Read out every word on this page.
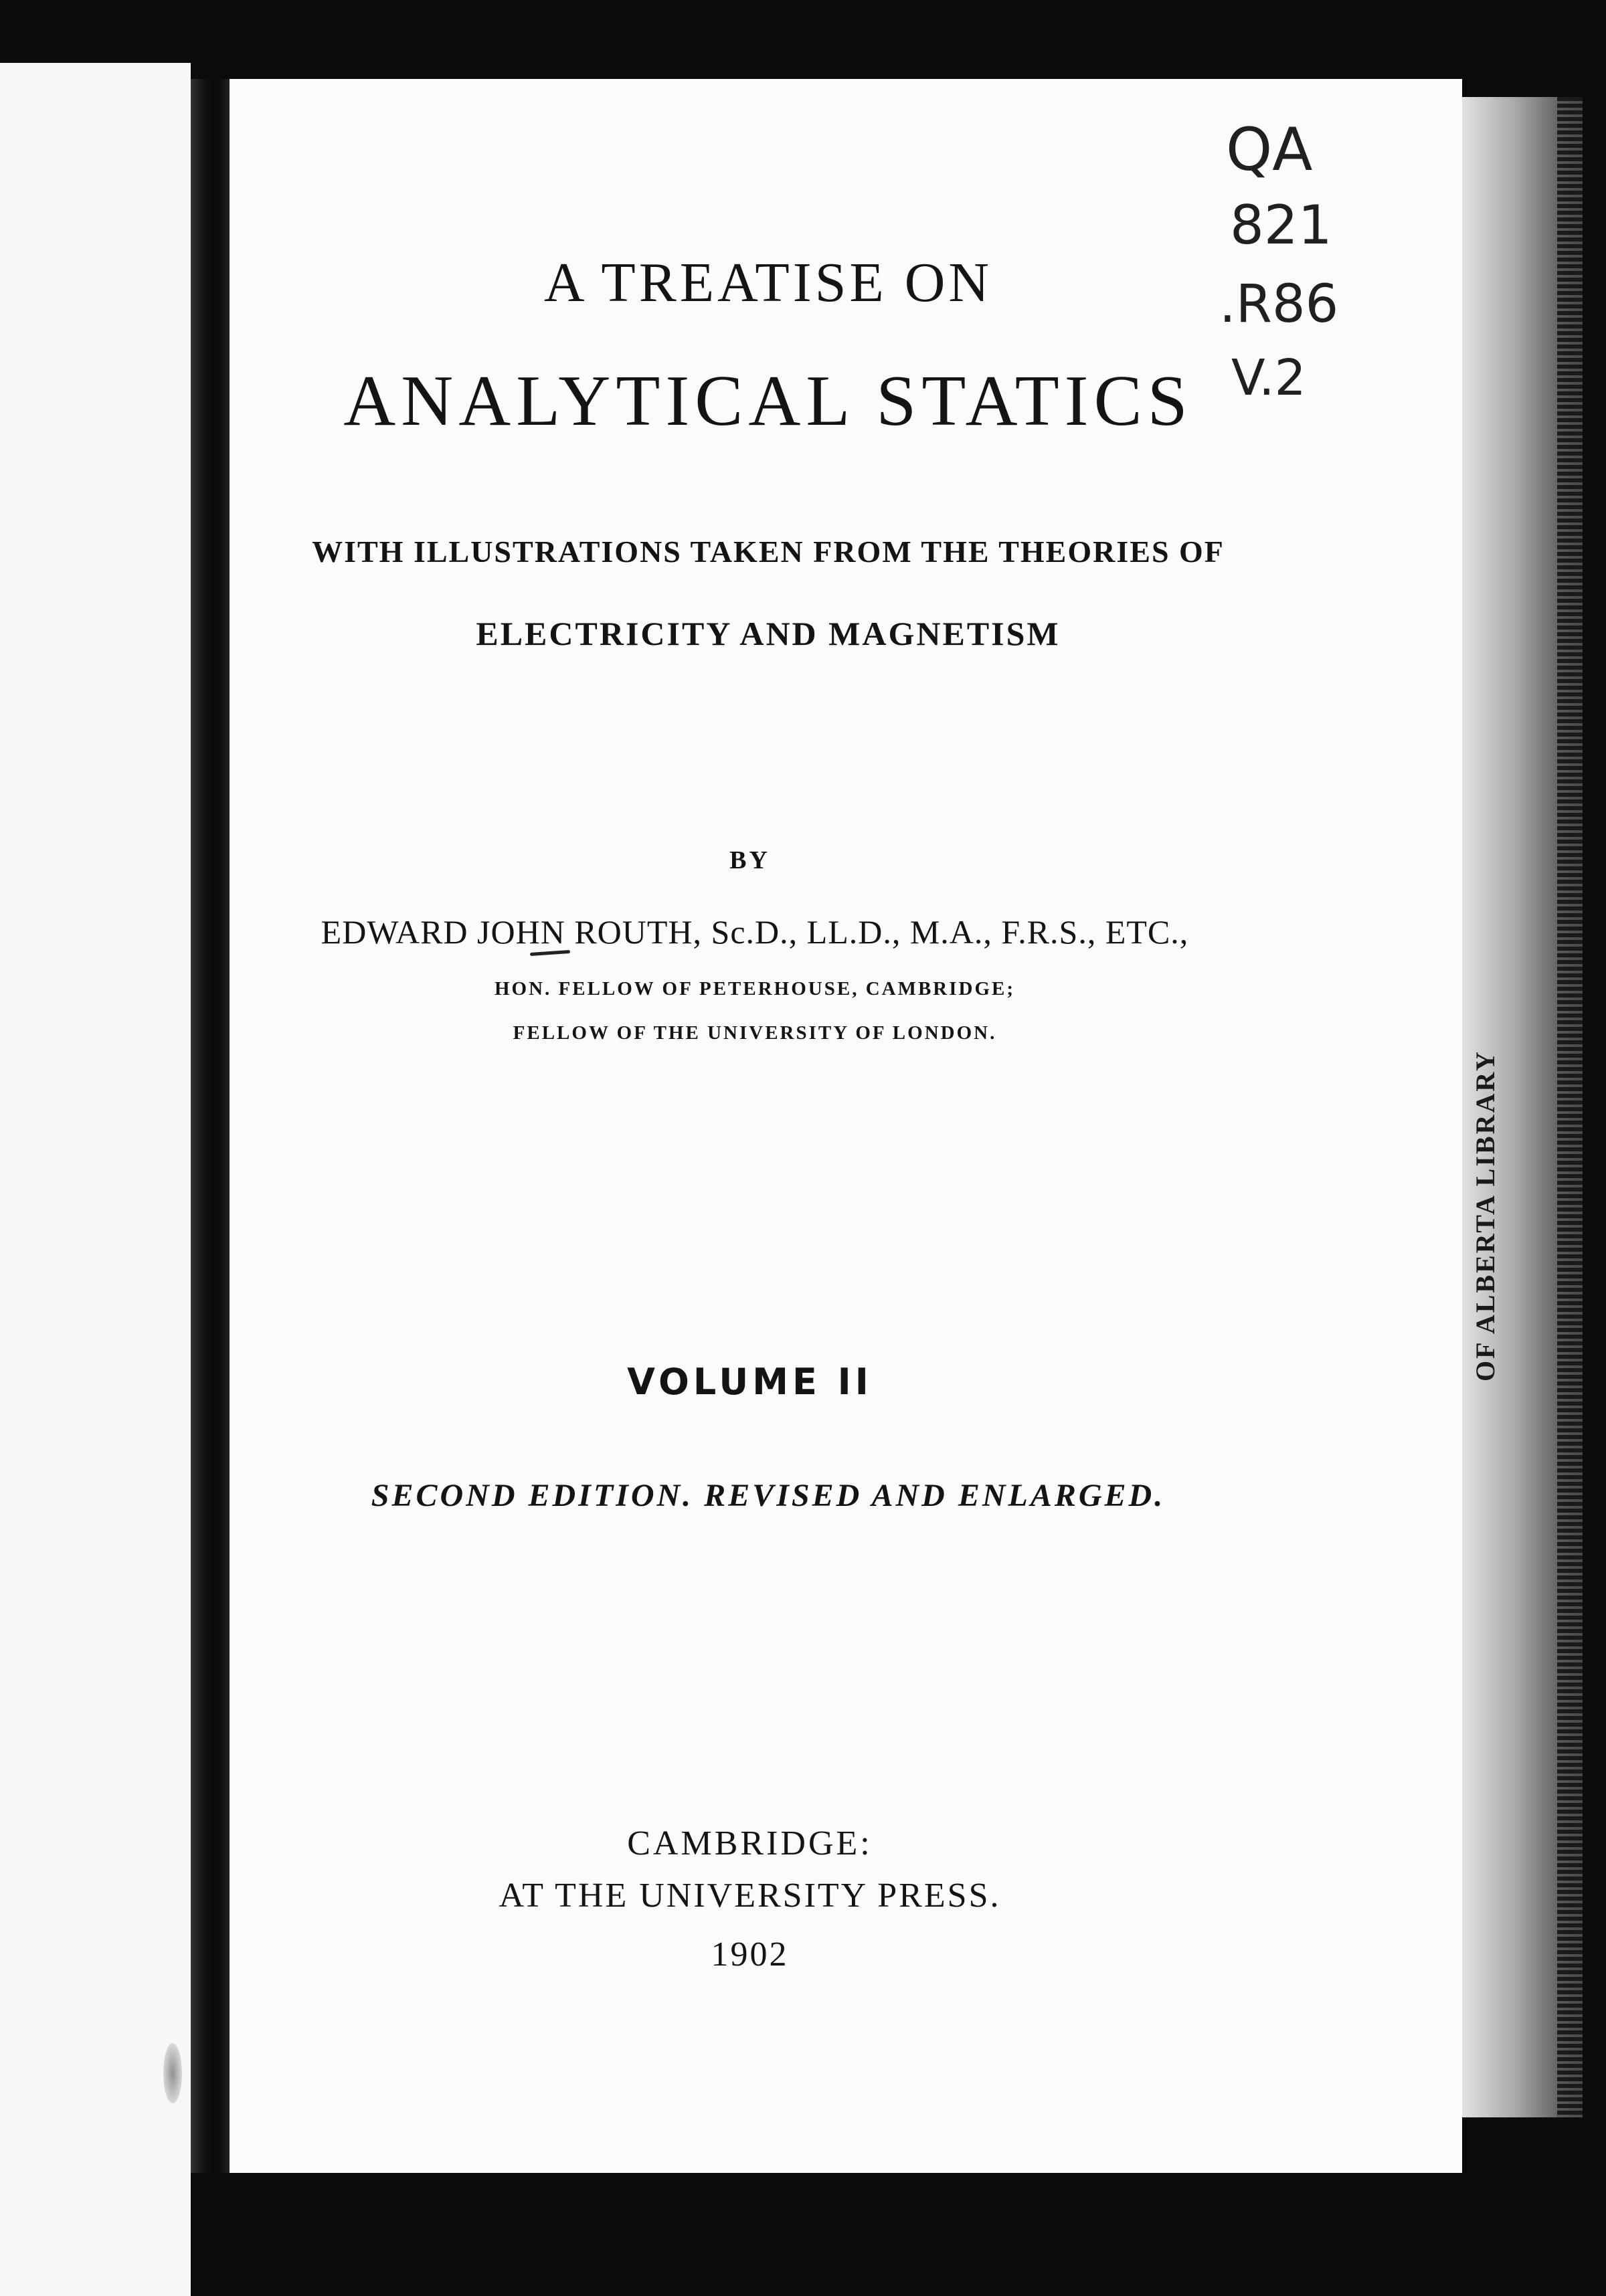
OF ALBERTA LIBRARY
QA
821
.R86
V.2
A TREATISE ON
ANALYTICAL STATICS
WITH ILLUSTRATIONS TAKEN FROM THE THEORIES OF
ELECTRICITY AND MAGNETISM
BY
EDWARD JOHN ROUTH, Sc.D., LL.D., M.A., F.R.S., ETC.,
HON. FELLOW OF PETERHOUSE, CAMBRIDGE;
FELLOW OF THE UNIVERSITY OF LONDON.
VOLUME II
SECOND EDITION. REVISED AND ENLARGED.
CAMBRIDGE:
AT THE UNIVERSITY PRESS.
1902
